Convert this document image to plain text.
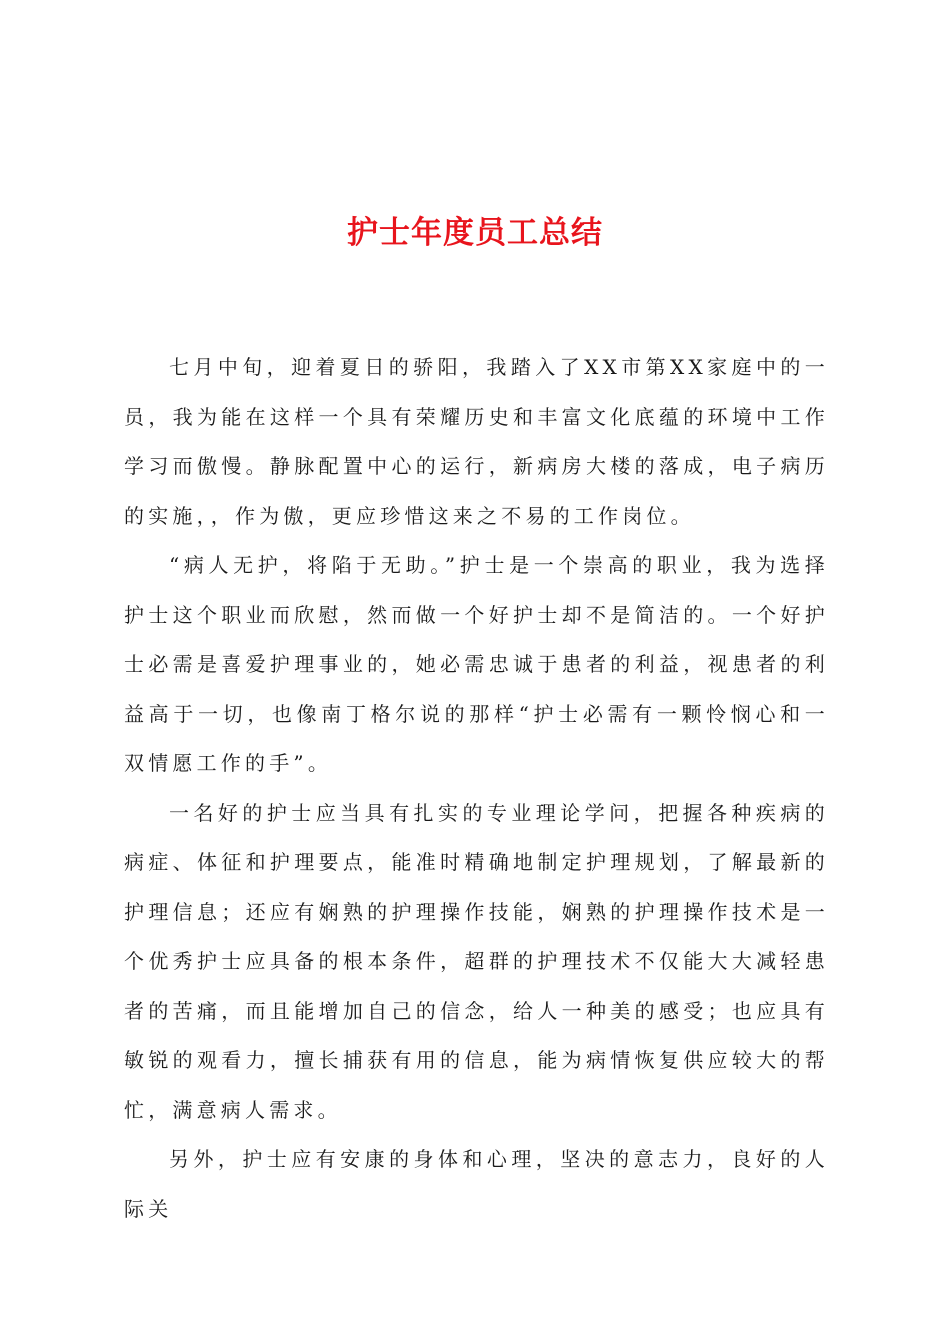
护士年度员工总结

七月中旬，迎着夏日的骄阳，我踏入了XX市第XX家庭中的一员，我为能在这样一个具有荣耀历史和丰富文化底蕴的环境中工作学习而傲慢。静脉配置中心的运行，新病房大楼的落成，电子病历的实施，，作为傲，更应珍惜这来之不易的工作岗位。

“病人无护，将陷于无助。”护士是一个崇高的职业，我为选择护士这个职业而欣慰，然而做一个好护士却不是简洁的。一个好护士必需是喜爱护理事业的，她必需忠诚于患者的利益，视患者的利益高于一切，也像南丁格尔说的那样“护士必需有一颗怜悯心和一双情愿工作的手”。

一名好的护士应当具有扎实的专业理论学问，把握各种疾病的病症、体征和护理要点，能准时精确地制定护理规划，了解最新的护理信息；还应有娴熟的护理操作技能，娴熟的护理操作技术是一个优秀护士应具备的根本条件，超群的护理技术不仅能大大减轻患者的苦痛，而且能增加自己的信念，给人一种美的感受；也应具有敏锐的观看力，擅长捕获有用的信息，能为病情恢复供应较大的帮忙，满意病人需求。

另外，护士应有安康的身体和心理，坚决的意志力，良好的人际关
